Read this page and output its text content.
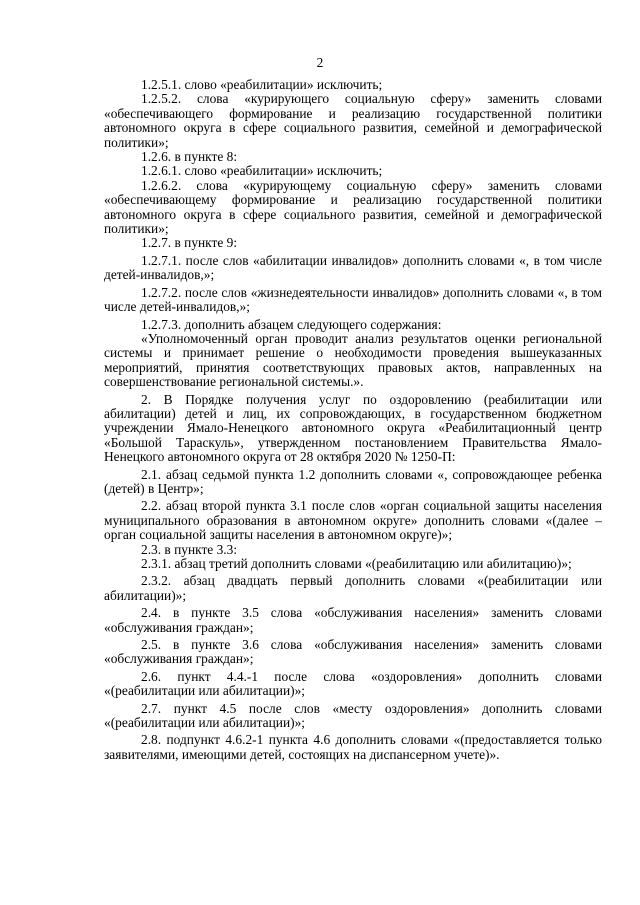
2

1.2.5.1. слово «реабилитации» исключить;

1.2.5.2. слова «курирующего социальную сферу» заменить словами «обеспечивающего формирование и реализацию государственной политики автономного округа в сфере социального развития, семейной и демографической политики»;

1.2.6. в пункте 8:

1.2.6.1. слово «реабилитации» исключить;

1.2.6.2. слова «курирующему социальную сферу» заменить словами «обеспечивающему формирование и реализацию государственной политики автономного округа в сфере социального развития, семейной и демографической политики»;

1.2.7. в пункте 9:

1.2.7.1. после слов «абилитации инвалидов» дополнить словами «, в том числе детей-инвалидов,»;

1.2.7.2. после слов «жизнедеятельности инвалидов» дополнить словами «, в том числе детей-инвалидов,»;

1.2.7.3. дополнить абзацем следующего содержания:

«Уполномоченный орган проводит анализ результатов оценки региональной системы и принимает решение о необходимости проведения вышеуказанных мероприятий, принятия соответствующих правовых актов, направленных на совершенствование региональной системы.».

2. В Порядке получения услуг по оздоровлению (реабилитации или абилитации) детей и лиц, их сопровождающих, в государственном бюджетном учреждении Ямало-Ненецкого автономного округа «Реабилитационный центр «Большой Тараскуль», утвержденном постановлением Правительства Ямало-Ненецкого автономного округа от 28 октября 2020 № 1250-П:

2.1. абзац седьмой пункта 1.2 дополнить словами «, сопровождающее ребенка (детей) в Центр»;

2.2. абзац второй пункта 3.1 после слов «орган социальной защиты населения муниципального образования в автономном округе» дополнить словами «(далее – орган социальной защиты населения в автономном округе)»;

2.3. в пункте 3.3:

2.3.1. абзац третий дополнить словами «(реабилитацию или абилитацию)»;

2.3.2. абзац двадцать первый дополнить словами «(реабилитации или абилитации)»;

2.4. в пункте 3.5 слова «обслуживания населения» заменить словами «обслуживания граждан»;

2.5. в пункте 3.6 слова «обслуживания населения» заменить словами «обслуживания граждан»;

2.6. пункт 4.4.-1 после слова «оздоровления» дополнить словами «(реабилитации или абилитации)»;

2.7. пункт 4.5 после слов «месту оздоровления» дополнить словами «(реабилитации или абилитации)»;

2.8. подпункт 4.6.2-1 пункта 4.6 дополнить словами «(предоставляется только заявителями, имеющими детей, состоящих на диспансерном учете)».
